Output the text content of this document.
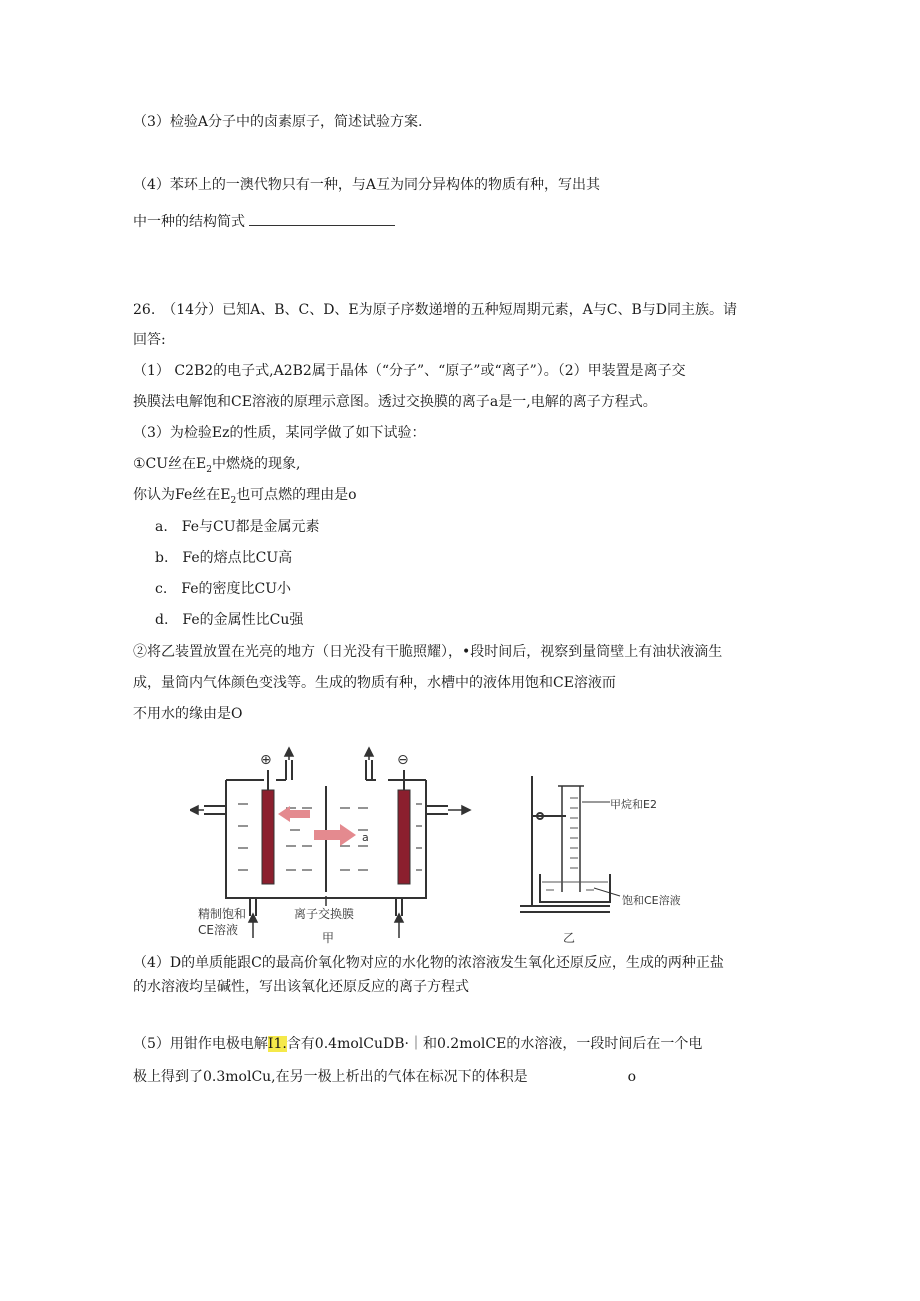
（3）检验A分子中的卤素原子，简述试验方案.
（4）苯环上的一澳代物只有一种，与A互为同分异构体的物质有种，写出其
中一种的结构简式
26.　（14分）已知A、B、C、D、E为原子序数递增的五种短周期元素，A与C、B与D同主族。请
回答:
（1） C2B2的电子式,A2B2属于晶体（“分子”、“原子”或“离子”）。（2）甲装置是离子交
换膜法电解饱和CE溶液的原理示意图。透过交换膜的离子a是一,电解的离子方程式。
（3）为检验Ez的性质，某同学做了如下试验：
①CU丝在$E_2$中燃烧的现象,
你认为Fe丝在$E_2$也可点燃的理由是o
a.　Fe与CU都是金属元素
b.　Fe的熔点比CU高
c.　Fe的密度比CU小
d.　Fe的金属性比Cu强
②将乙装置放置在光亮的地方（日光没有干脆照耀），•段时间后，视察到量筒壁上有油状液滴生
成，量筒内气体颜色变浅等。生成的物质有种，水槽中的液体用饱和CE溶液而
不用水的缘由是O
a
⊕	⊖
精制饱和
CE溶液
离子交换膜
甲
甲烷和E2
饱和CE溶液
乙
（4）D的单质能跟C的最高价氧化物对应的水化物的浓溶液发生氧化还原反应，生成的两种正盐
的水溶液均呈碱性，写出该氧化还原反应的离子方程式
（5）用钳作电极电解I1.含有0.4molCuDB·｜和0.2molCE的水溶液，一段时间后在一个电
极上得到了0.3molCu,在另一极上析出的气体在标况下的体积是	o
